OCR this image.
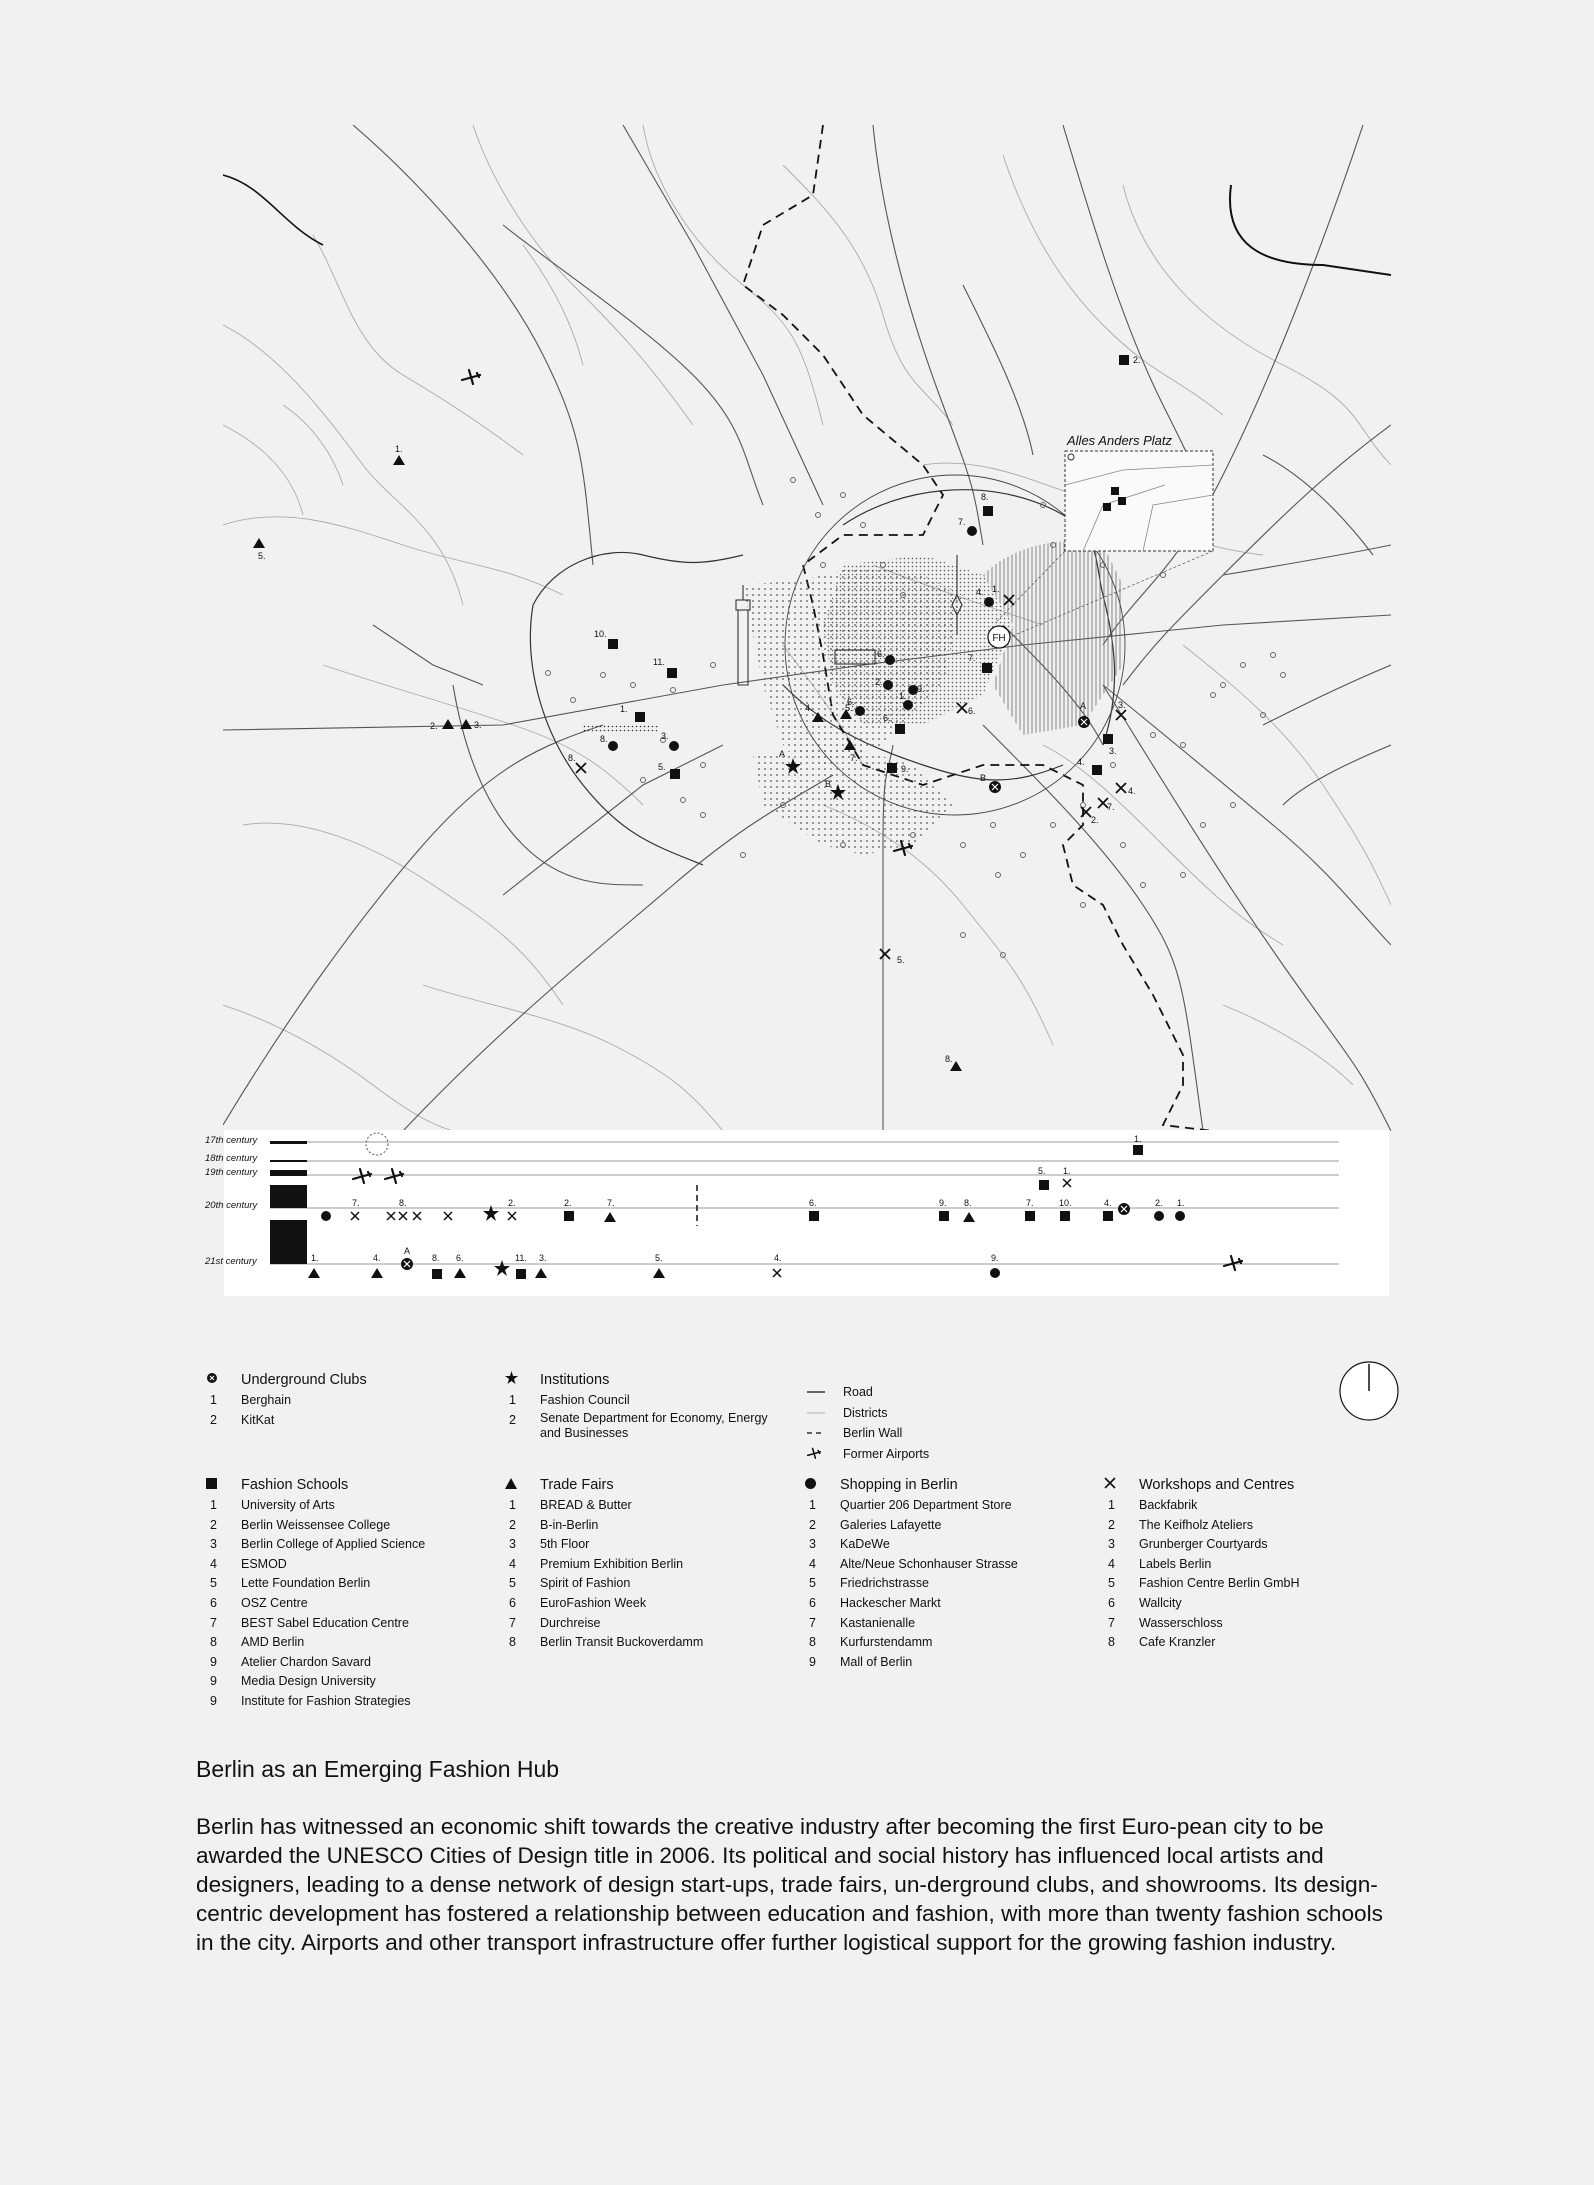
Alles Anders Platz
FH
1.
2.
3.
4.
5.
6.
7.
8.
9.
10.
11.
1.
2.	3.
4.
5.
6.
7.
8.
1.
2.
3.
4.
5.
6.
7.
8.
9.
1.
2.
3.
4.
5.
6.
7.
8.
A
B
A
B
17th century
18th century
19th century
20th century
21st century
1.
5. 1.
7.	8.	2.	2.	7.	6.	9. 8.	7.	10.	4.	2. 1.
1.	4.
A
8. 6.	11. 3.	5.	4.	9.
Underground Clubs
1	Berghain
2	KitKat
Institutions
1	Fashion Council
2	Senate Department for Economy, Energy and Businesses
Road
Districts
Berlin Wall
Former Airports
Fashion Schools
1	University of Arts
2	Berlin Weissensee College
3	Berlin College of Applied Science
4	ESMOD
5	Lette Foundation Berlin
6	OSZ Centre
7	BEST Sabel Education Centre
8	AMD Berlin
9	Atelier Chardon Savard
9	Media Design University
9	Institute for Fashion Strategies
Trade Fairs
1	BREAD & Butter
2	B-in-Berlin
3	5th Floor
4	Premium Exhibition Berlin
5	Spirit of Fashion
6	EuroFashion Week
7	Durchreise
8	Berlin Transit Buckoverdamm
Shopping in Berlin
1	Quartier 206 Department Store
2	Galeries Lafayette
3	KaDeWe
4	Alte/Neue Schonhauser Strasse
5	Friedrichstrasse
6	Hackescher Markt
7	Kastanienalle
8	Kurfurstendamm
9	Mall of Berlin
Workshops and Centres
1	Backfabrik
2	The Keifholz Ateliers
3	Grunberger Courtyards
4	Labels Berlin
5	Fashion Centre Berlin GmbH
6	Wallcity
7	Wasserschloss
8	Cafe Kranzler
Berlin as an Emerging Fashion Hub
Berlin has witnessed an economic shift towards the creative industry after becoming the first Euro-pean city to be awarded the UNESCO Cities of Design title in 2006. Its political and social history has influenced local artists and designers, leading to a dense network of design start-ups, trade fairs, un-derground clubs, and showrooms. Its design-centric development has fostered a relationship between education and fashion, with more than twenty fashion schools in the city. Airports and other transport infrastructure offer further logistical support for the growing fashion industry.
